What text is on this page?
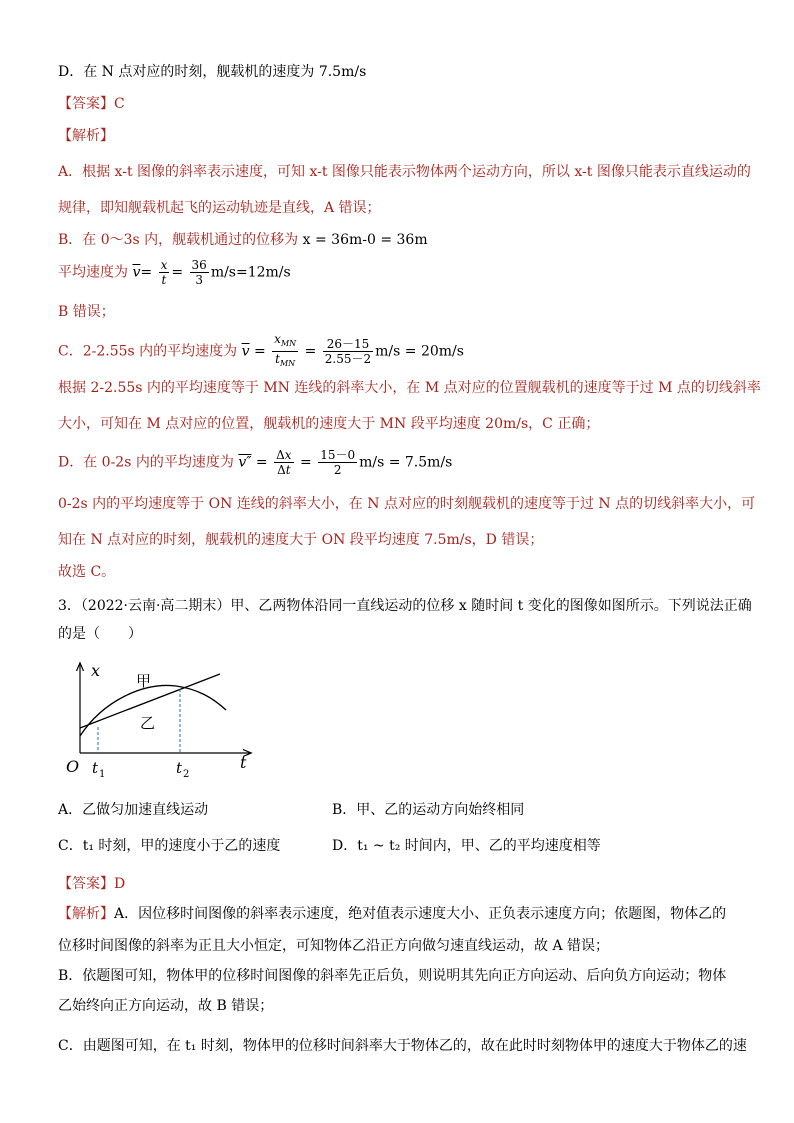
D．在 N 点对应的时刻，舰载机的速度为 7.5m/s
【答案】C
【解析】
A．根据 x-t 图像的斜率表示速度，可知 x-t 图像只能表示物体两个运动方向，所以 x-t 图像只能表示直线运动的
规律，即知舰载机起飞的运动轨迹是直线，A 错误；
B．在 0～3s 内，舰载机通过的位移为 x = 36m-0 = 36m
平均速度为 $\overline{v}= \frac{x}{t} = \frac{36}{3} m/s=12m/s$
B 错误；
C．2-2.55s 内的平均速度为 $\overline{v} = \frac{x_{MN}}{t_{MN}} = \frac{26-15}{2.55-2} m/s = 20m/s$
根据 2-2.55s 内的平均速度等于 MN 连线的斜率大小，在 M 点对应的位置舰载机的速度等于过 M 点的切线斜率
大小，可知在 M 点对应的位置，舰载机的速度大于 MN 段平均速度 20m/s，C 正确；
D．在 0-2s 内的平均速度为 $v'' = \frac{\Delta x}{\Delta t} = \frac{15-0}{2} m/s = 7.5m/s$
0-2s 内的平均速度等于 ON 连线的斜率大小，在 N 点对应的时刻舰载机的速度等于过 N 点的切线斜率大小，可
知在 N 点对应的时刻，舰载机的速度大于 ON 段平均速度 7.5m/s，D 错误；
故选 C。
3．（2022·云南·高二期末）甲、乙两物体沿同一直线运动的位移 x 随时间 t 变化的图像如图所示。下列说法正确
的是（　　）
x
t
O t 1	t 2
甲
乙
A．乙做匀加速直线运动	B．甲、乙的运动方向始终相同
C．t₁ 时刻，甲的速度小于乙的速度	D．t₁ ~ t₂ 时间内，甲、乙的平均速度相等
【答案】D
【解析】A．因位移时间图像的斜率表示速度，绝对值表示速度大小、正负表示速度方向；依题图，物体乙的
位移时间图像的斜率为正且大小恒定，可知物体乙沿正方向做匀速直线运动，故 A 错误；
B．依题图可知，物体甲的位移时间图像的斜率先正后负，则说明其先向正方向运动、后向负方向运动；物体
乙始终向正方向运动，故 B 错误；
C．由题图可知，在 t₁ 时刻，物体甲的位移时间斜率大于物体乙的，故在此时时刻物体甲的速度大于物体乙的速
